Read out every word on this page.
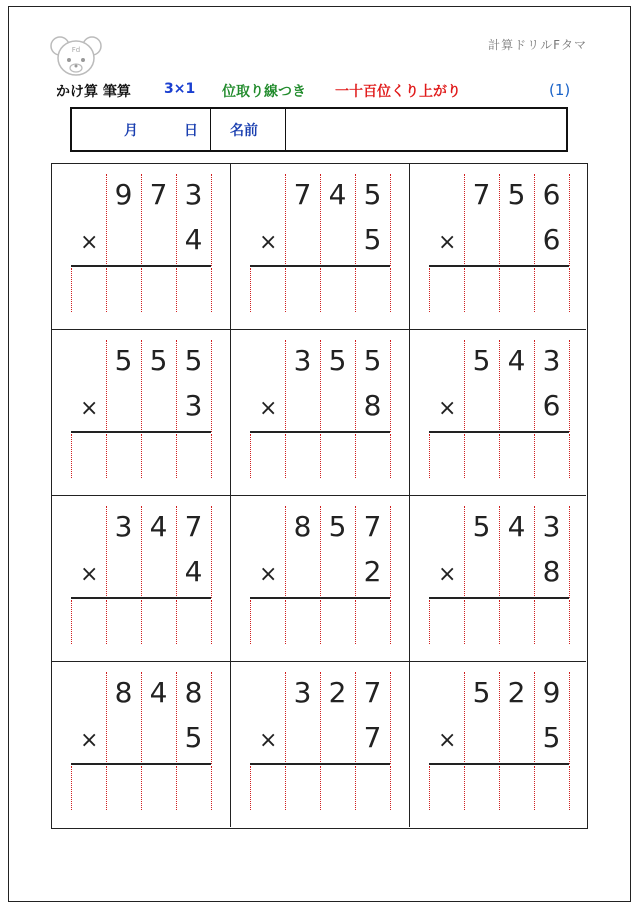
Fd	計算ドリルFタマ
かけ算 筆算 3×1 位取り線つき 一十百位くり上がり	(1)
月	日 名前
9 7 3
×	4
7 4 5
×	5
7 5 6
×	6
5 5 5
×	3
3 5 5
×	8
5 4 3
×	6
3 4 7
×	4
8 5 7
×	2
5 4 3
×	8
8 4 8
×	5
3 2 7
×	7
5 2 9
×	5
